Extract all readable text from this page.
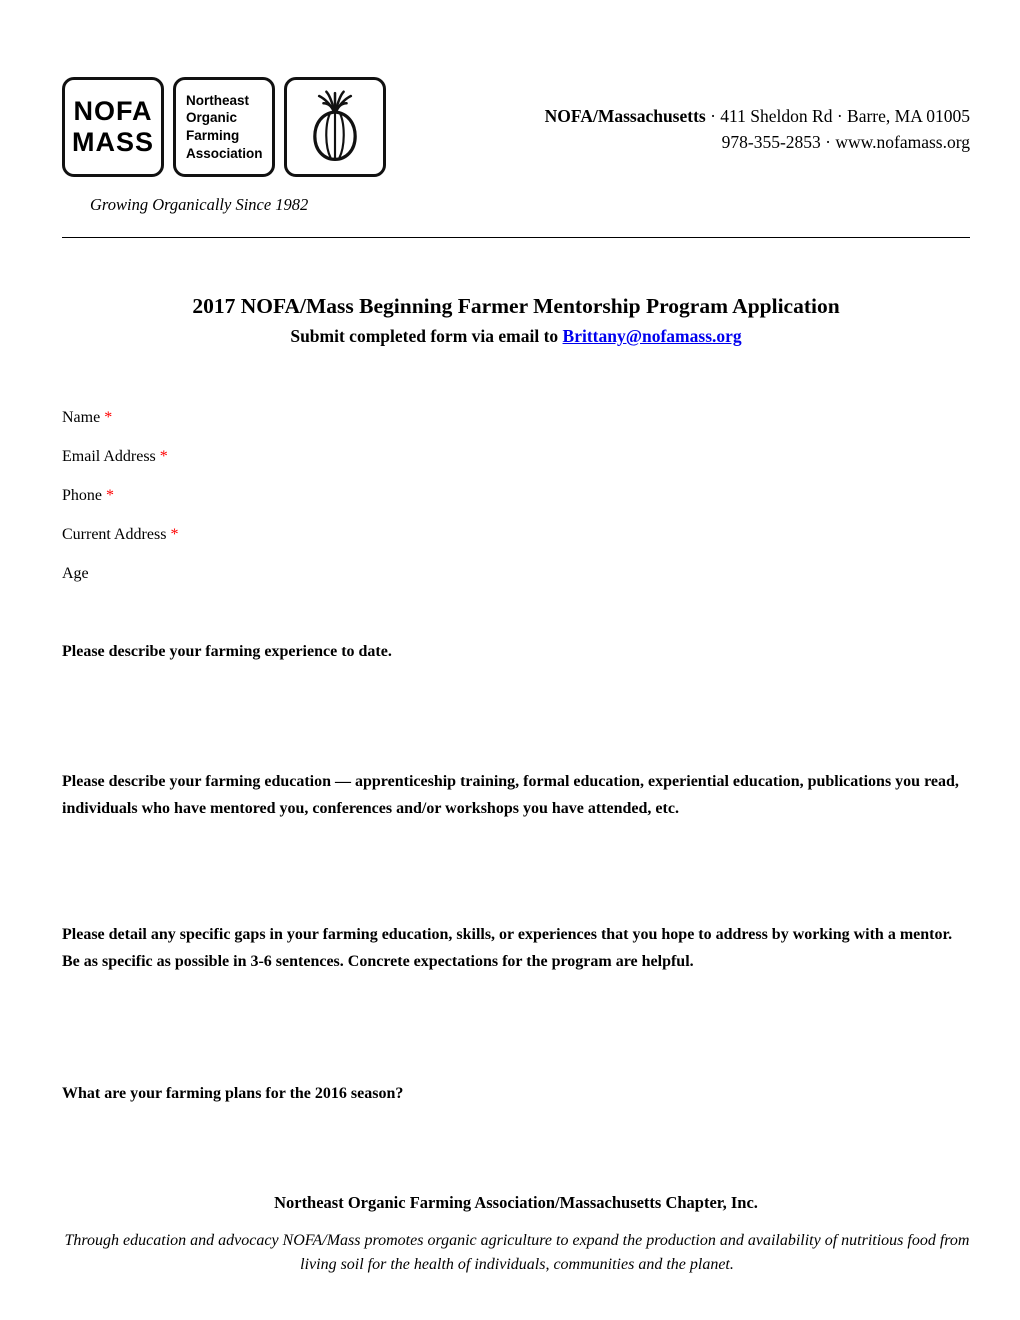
NOFA
MASS
Northeast
Organic
Farming
Association
NOFA/Massachusetts · 411 Sheldon Rd · Barre, MA 01005
978-355-2853 · www.nofamass.org
Growing Organically Since 1982
2017 NOFA/Mass Beginning Farmer Mentorship Program Application
Submit completed form via email to Brittany@nofamass.org
Name *
Email Address *
Phone *
Current Address *
Age

Please describe your farming experience to date.

Please describe your farming education — apprenticeship training, formal education, experiential education, publications you read, individuals who have mentored you, conferences and/or workshops you have attended, etc.

Please detail any specific gaps in your farming education, skills, or experiences that you hope to address by working with a mentor. Be as specific as possible in 3-6 sentences. Concrete expectations for the program are helpful.

What are your farming plans for the 2016 season?

Northeast Organic Farming Association/Massachusetts Chapter, Inc.
Through education and advocacy NOFA/Mass promotes organic agriculture to expand the production and availability of nutritious food from living soil for the health of individuals, communities and the planet.
